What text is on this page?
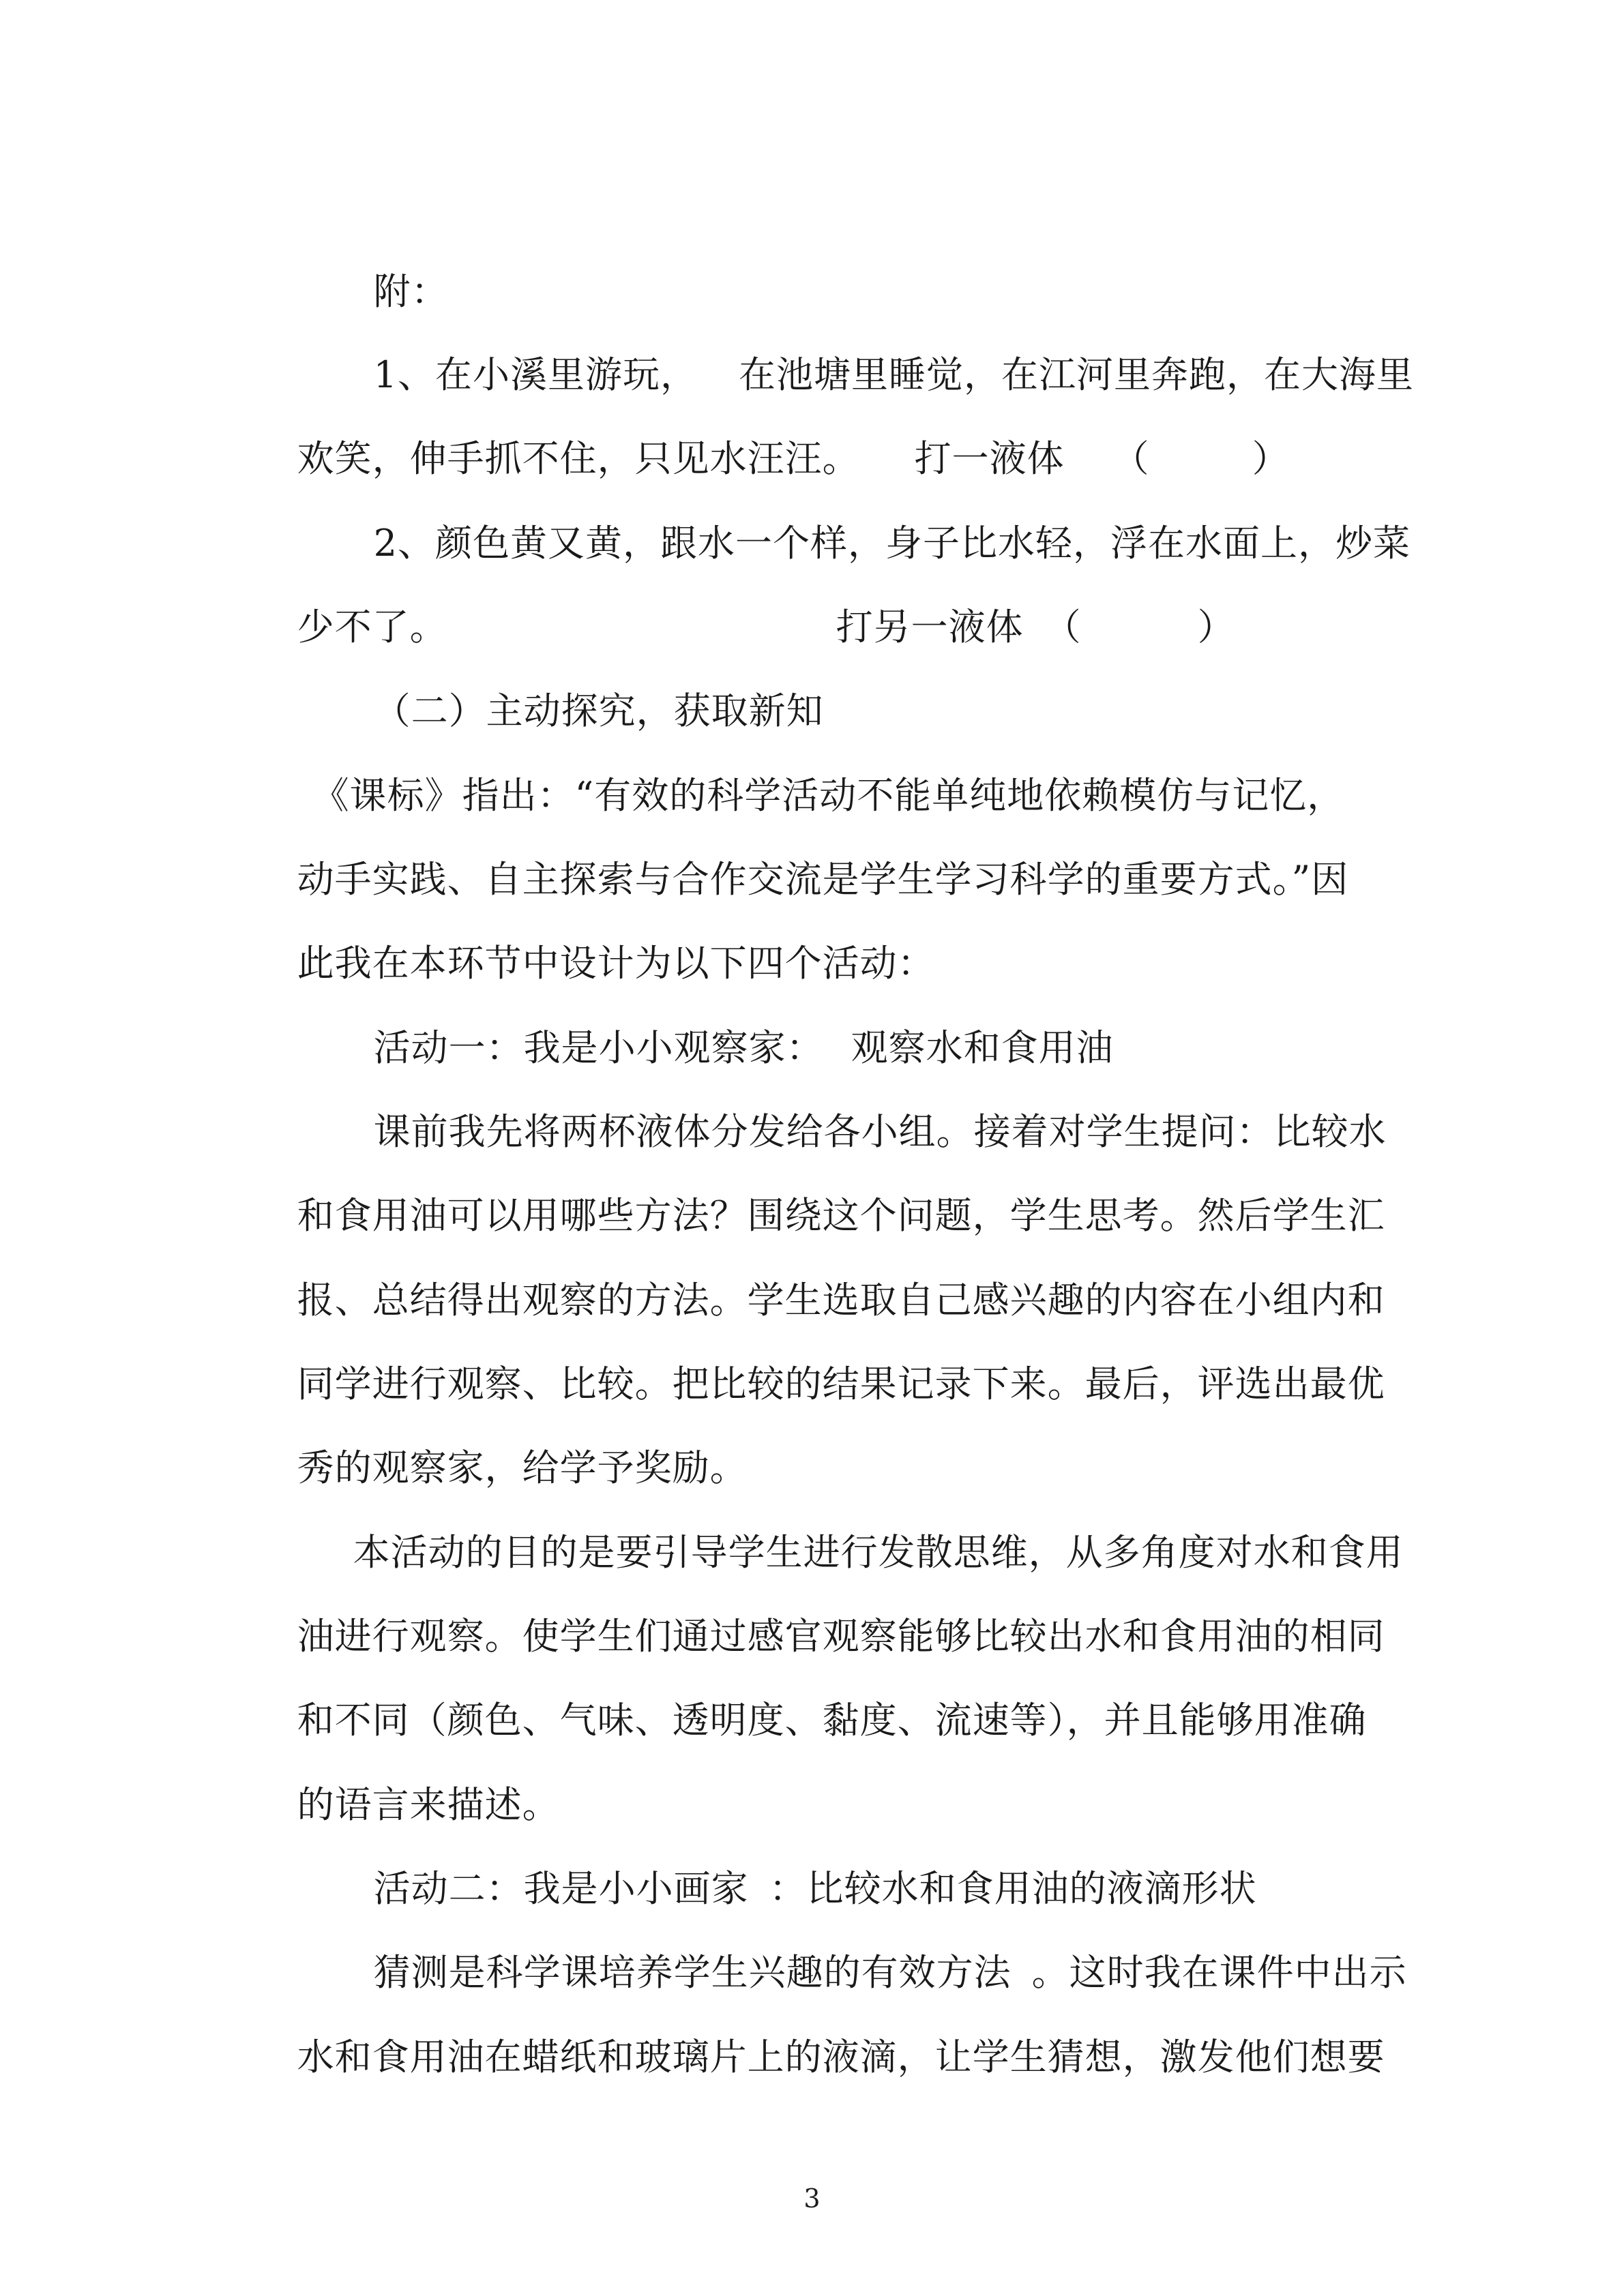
附：

1、在小溪里游玩， 在池塘里睡觉，在江河里奔跑，在大海里

欢笑，伸手抓不住，只见水汪汪。 打一液体 （	）

2、颜色黄又黄，跟水一个样，身子比水轻，浮在水面上，炒菜

少不了。	打另一液体 （	）

（二）主动探究，获取新知

《课标》指出：“有效的科学活动不能单纯地依赖模仿与记忆，

动手实践、自主探索与合作交流是学生学习科学的重要方式。”因

此我在本环节中设计为以下四个活动：

活动一：我是小小观察家： 观察水和食用油

课前我先将两杯液体分发给各小组。接着对学生提问：比较水

和食用油可以用哪些方法？围绕这个问题，学生思考。然后学生汇

报、总结得出观察的方法。学生选取自己感兴趣的内容在小组内和

同学进行观察、比较。把比较的结果记录下来。最后，评选出最优

秀的观察家，给学予奖励。

本活动的目的是要引导学生进行发散思维，从多角度对水和食用

油进行观察。使学生们通过感官观察能够比较出水和食用油的相同

和不同（颜色、气味、透明度、黏度、流速等），并且能够用准确

的语言来描述。

活动二：我是小小画家 ：比较水和食用油的液滴形状

猜测是科学课培养学生兴趣的有效方法 。这时我在课件中出示

水和食用油在蜡纸和玻璃片上的液滴，让学生猜想，激发他们想要

3
